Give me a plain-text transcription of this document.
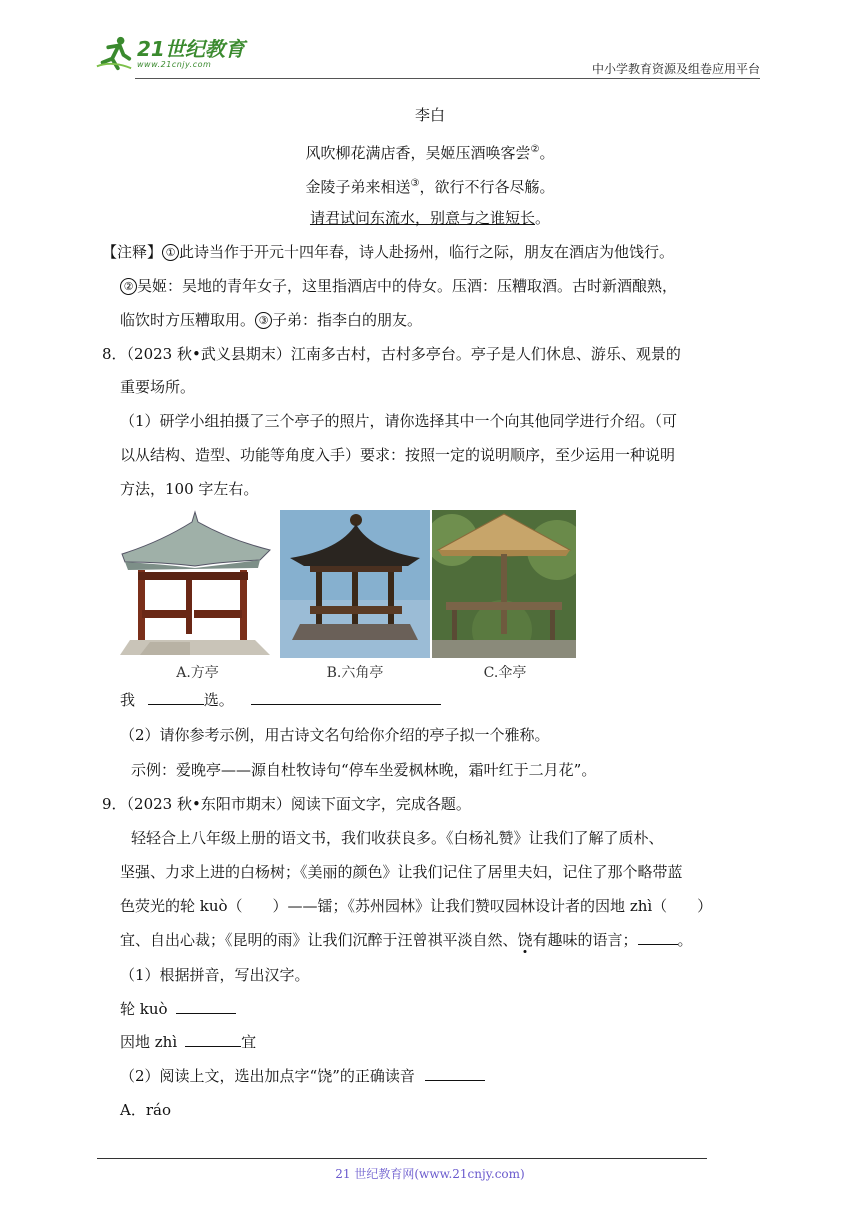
21世纪教育
www.21cnjy.com	中小学教育资源及组卷应用平台
李白
风吹柳花满店香，吴姬压酒唤客尝②。
金陵子弟来相送③，欲行不行各尽觞。
请君试问东流水，别意与之谁短长。
【注释】 ① 此诗当作于开元十四年春，诗人赴扬州，临行之际，朋友在酒店为他饯行。
② 吴姬：吴地的青年女子，这里指酒店中的侍女。压酒：压糟取酒。古时新酒酿熟，
临饮时方压糟取用。 ③ 子弟：指李白的朋友。
8．（2023 秋•武义县期末）江南多古村，古村多亭台。亭子是人们休息、游乐、观景的
重要场所。
（1）研学小组拍摄了三个亭子的照片，请你选择其中一个向其他同学进行介绍。（可
以从结构、造型、功能等角度入手）要求：按照一定的说明顺序，至少运用一种说明
方法，100 字左右。
A.方亭	B.六角亭	C.伞亭
我	选。
（2）请你参考示例，用古诗文名句给你介绍的亭子拟一个雅称。
示例：爱晚亭——源自杜牧诗句“停车坐爱枫林晚，霜叶红于二月花”。
9．（2023 秋•东阳市期末）阅读下面文字，完成各题。
轻轻合上八年级上册的语文书，我们收获良多。《白杨礼赞》让我们了解了质朴、
坚强、力求上进的白杨树；《美丽的颜色》让我们记住了居里夫妇，记住了那个略带蓝
色荧光的轮 kuò（　　）——镭；《苏州园林》让我们赞叹园林设计者的因地 zhì（　　）
宜、自出心裁；《昆明的雨》让我们沉醉于汪曾祺平淡自然、饶有趣味的语言；	。
（1）根据拼音，写出汉字。
轮 kuò
因地 zhì	宜
（2）阅读上文，选出加点字“饶”的正确读音
A．ráo
21 世纪教育网(www.21cnjy.com)
